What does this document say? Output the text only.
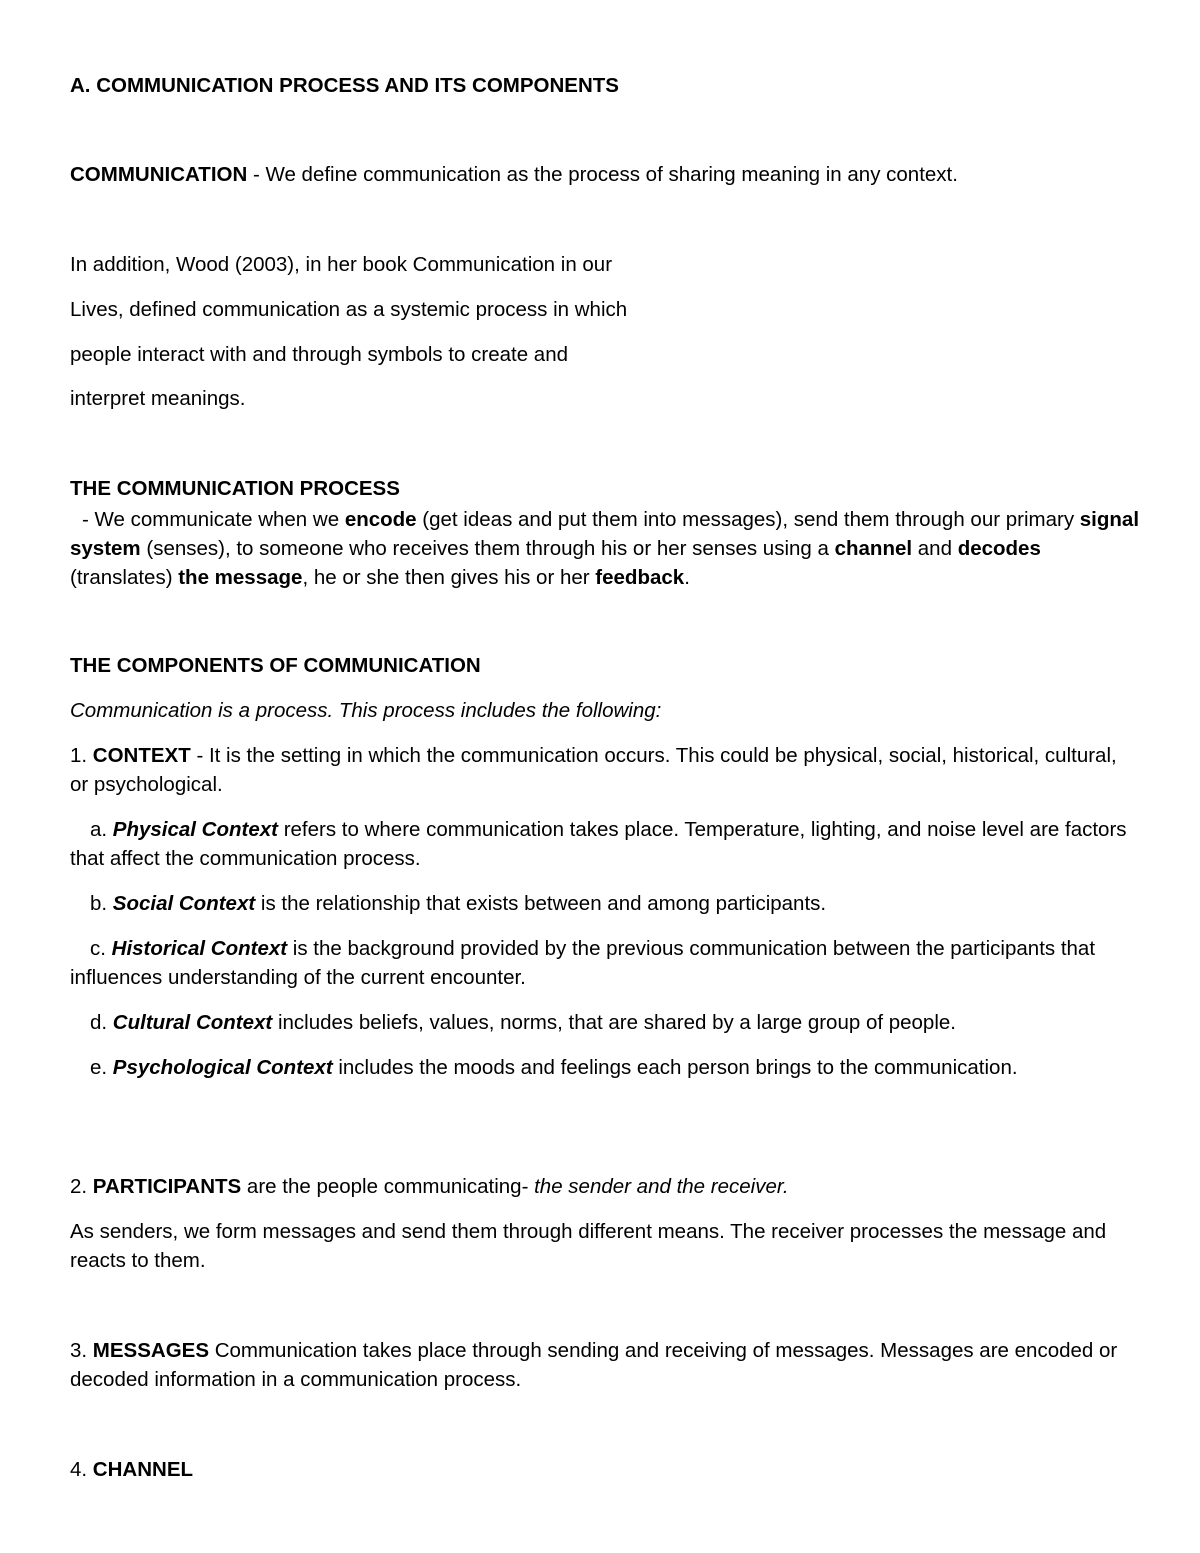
A. COMMUNICATION PROCESS AND ITS COMPONENTS

COMMUNICATION - We define communication as the process of sharing meaning in any context.

In addition, Wood (2003), in her book Communication in our

Lives, defined communication as a systemic process in which

people interact with and through symbols to create and

interpret meanings.

THE COMMUNICATION PROCESS

- We communicate when we encode (get ideas and put them into messages), send them through our primary signal system (senses), to someone who receives them through his or her senses using a channel and decodes (translates) the message, he or she then gives his or her feedback.

THE COMPONENTS OF COMMUNICATION

Communication is a process. This process includes the following:

1. CONTEXT - It is the setting in which the communication occurs. This could be physical, social, historical, cultural, or psychological.

a. Physical Context refers to where communication takes place. Temperature, lighting, and noise level are factors that affect the communication process.

b. Social Context is the relationship that exists between and among participants.

c. Historical Context is the background provided by the previous communication between the participants that influences understanding of the current encounter.

d. Cultural Context includes beliefs, values, norms, that are shared by a large group of people.

e. Psychological Context includes the moods and feelings each person brings to the communication.

2. PARTICIPANTS are the people communicating- the sender and the receiver.

As senders, we form messages and send them through different means. The receiver processes the message and reacts to them.

3. MESSAGES Communication takes place through sending and receiving of messages. Messages are encoded or decoded information in a communication process.

4. CHANNEL
